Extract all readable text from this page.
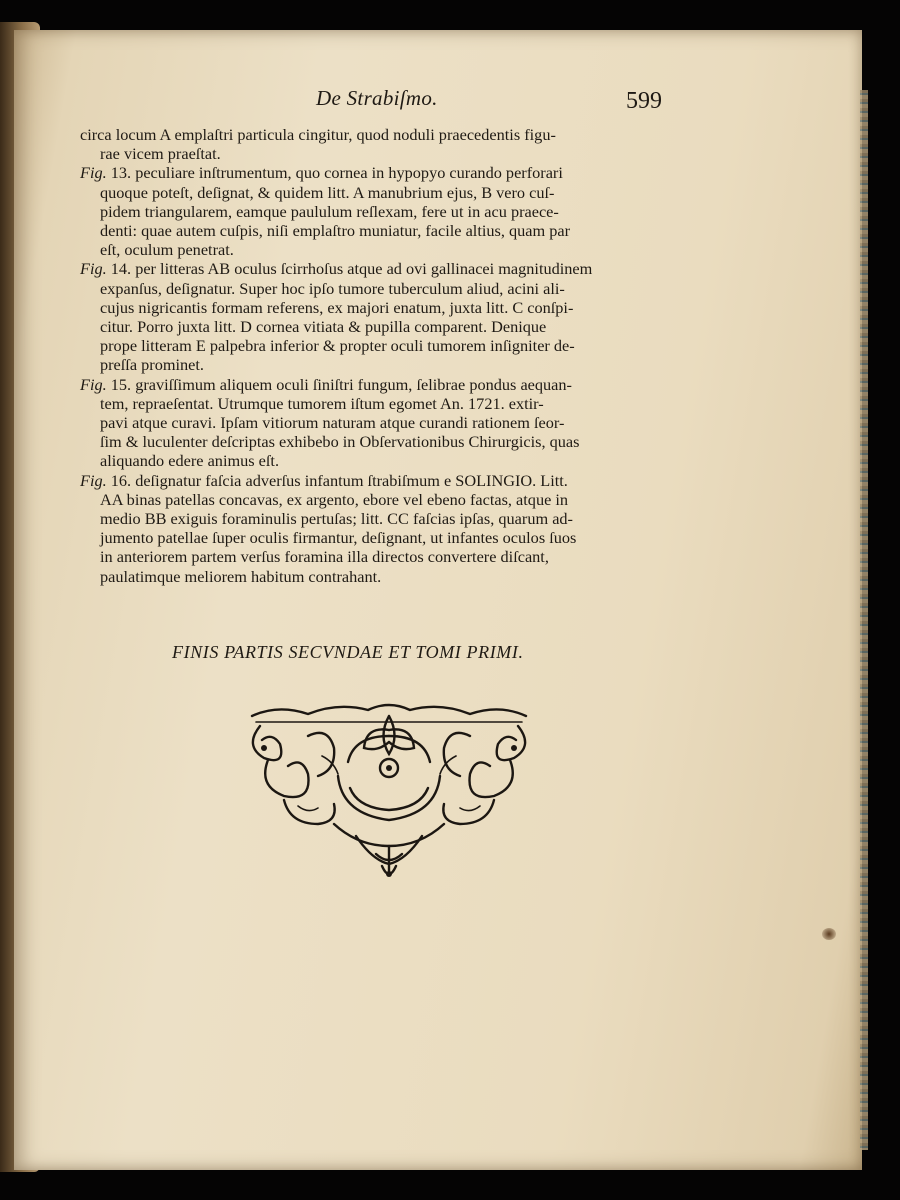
De Strabiſmo.	599
circa locum A emplaſtri particula cingitur, quod noduli praecedentis figu-
rae vicem praeſtat.
Fig. 13. peculiare inſtrumentum, quo cornea in hypopyo curando perforari

quoque poteſt, deſignat, & quidem litt. A manubrium ejus, B vero cuſ-
pidem triangularem, eamque paululum reſlexam, fere ut in acu praece-
denti: quae autem cuſpis, niſi emplaſtro muniatur, facile altius, quam par
eſt, oculum penetrat.
Fig. 14. per litteras AB oculus ſcirrhoſus atque ad ovi gallinacei magnitudinem

expanſus, deſignatur. Super hoc ipſo tumore tuberculum aliud, acini ali-
cujus nigricantis formam referens, ex majori enatum, juxta litt. C conſpi-
citur. Porro juxta litt. D cornea vitiata & pupilla comparent. Denique
prope litteram E palpebra inferior & propter oculi tumorem inſigniter de-
preſſa prominet.
Fig. 15. graviſſimum aliquem oculi ſiniſtri fungum, ſelibrae pondus aequan-

tem, repraeſentat. Utrumque tumorem iſtum egomet An. 1721. extir-
pavi atque curavi. Ipſam vitiorum naturam atque curandi rationem ſeor-
ſim & luculenter deſcriptas exhibebo in Obſervationibus Chirurgicis, quas
aliquando edere animus eſt.
Fig. 16. deſignatur faſcia adverſus infantum ſtrabiſmum e SOLINGIO. Litt.

AA binas patellas concavas, ex argento, ebore vel ebeno factas, atque in
medio BB exiguis foraminulis pertuſas; litt. CC faſcias ipſas, quarum ad-
jumento patellae ſuper oculis firmantur, deſignant, ut infantes oculos ſuos
in anteriorem partem verſus foramina illa directos convertere diſcant,
paulatimque meliorem habitum contrahant.
FINIS PARTIS SECVNDAE ET TOMI PRIMI.
